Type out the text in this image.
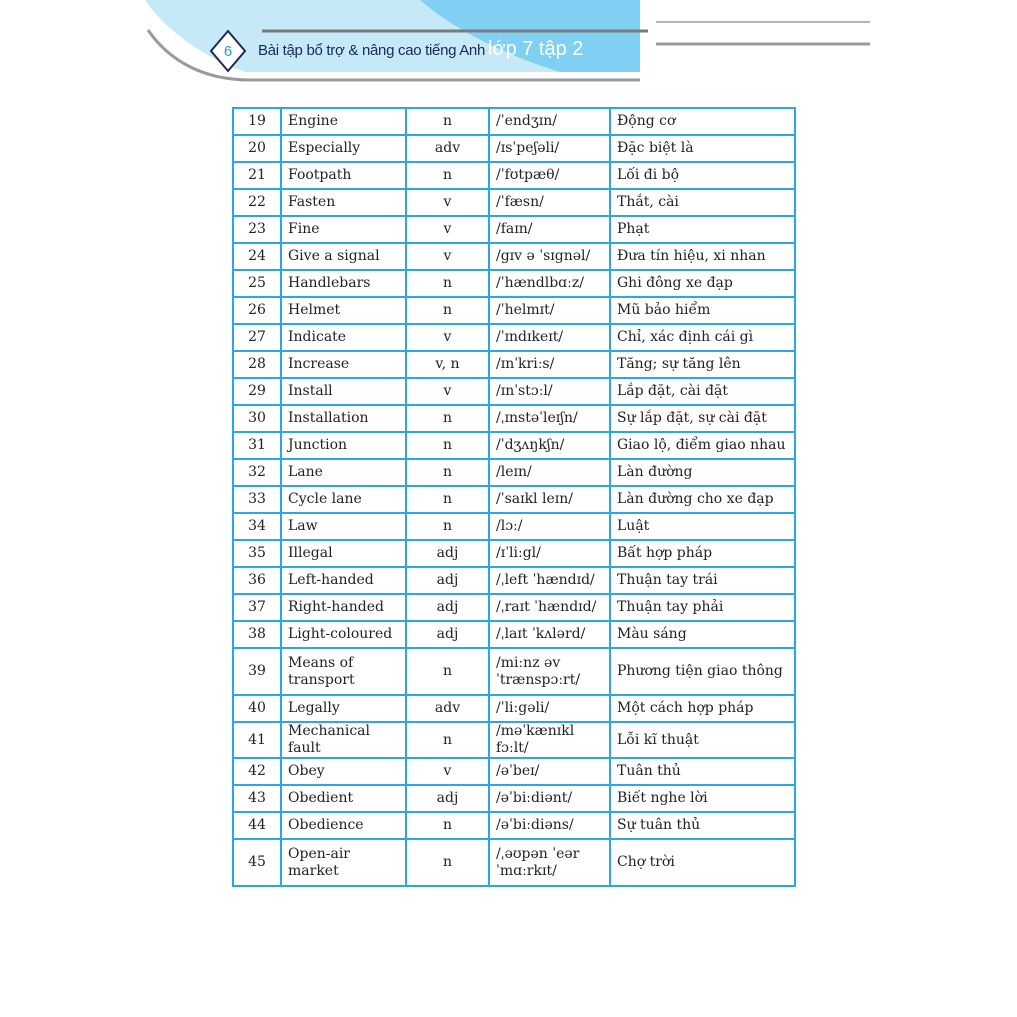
6	Bài tập bổ trợ & nâng cao tiếng Anh lớp 7 tập 2
19	Engine	n	/ˈendʒɪn/	Động cơ
20	Especially	adv	/ɪsˈpeʃəli/	Đặc biệt là
21	Footpath	n	/ˈfʊtpæθ/	Lối đi bộ
22	Fasten	v	/ˈfæsn/	Thắt, cài
23	Fine	v	/faɪn/	Phạt
24	Give a signal	v	/gɪv ə ˈsɪgnəl/	Đưa tín hiệu, xi nhan
25	Handlebars	n	/ˈhændlbɑːz/	Ghi đông xe đạp
26	Helmet	n	/ˈhelmɪt/	Mũ bảo hiểm
27	Indicate	v	/ˈɪndɪkeɪt/	Chỉ, xác định cái gì
28	Increase	v, n	/ɪnˈkriːs/	Tăng; sự tăng lên
29	Install	v	/ɪnˈstɔːl/	Lắp đặt, cài đặt
30	Installation	n	/ˌɪnstəˈleɪʃn/	Sự lắp đặt, sự cài đặt
31	Junction	n	/ˈdʒʌŋkʃn/	Giao lộ, điểm giao nhau
32	Lane	n	/leɪn/	Làn đường
33	Cycle lane	n	/ˈsaɪkl leɪn/	Làn đường cho xe đạp
34	Law	n	/lɔː/	Luật
35	Illegal	adj	/ɪˈliːgl/	Bất hợp pháp
36	Left-handed	adj	/ˌleft ˈhændɪd/	Thuận tay trái
37	Right-handed	adj	/ˌraɪt ˈhændɪd/	Thuận tay phải
38	Light-coloured	adj	/ˌlaɪt ˈkʌlərd/	Màu sáng
39	Means of transport	n	/miːnz əv ˈtrænspɔːrt/	Phương tiện giao thông
40	Legally	adv	/ˈliːgəli/	Một cách hợp pháp
41	Mechanical fault	n	/məˈkænɪkl fɔːlt/	Lỗi kĩ thuật
42	Obey	v	/əˈbeɪ/	Tuân thủ
43	Obedient	adj	/əˈbiːdiənt/	Biết nghe lời
44	Obedience	n	/əˈbiːdiəns/	Sự tuân thủ
45	Open-air market	n	/ˌəʊpən ˈeər ˈmɑːrkɪt/	Chợ trời
